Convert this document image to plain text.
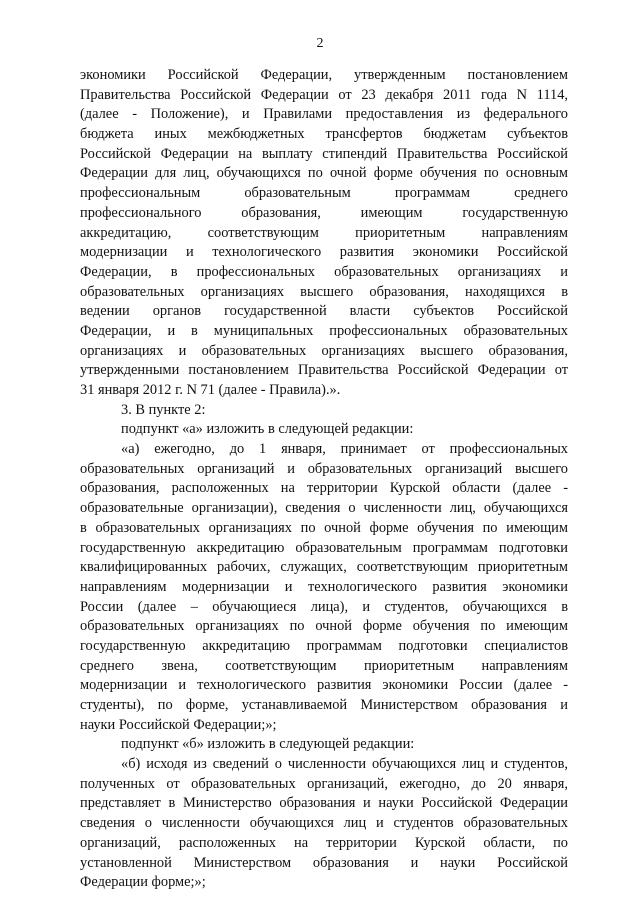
2
экономики Российской Федерации, утвержденным постановлением
Правительства Российской Федерации от 23 декабря 2011 года N 1114,
(далее - Положение), и Правилами предоставления из федерального
бюджета иных межбюджетных трансфертов бюджетам субъектов
Российской Федерации на выплату стипендий Правительства Российской
Федерации для лиц, обучающихся по очной форме обучения по основным
профессиональным образовательным программам среднего
профессионального образования, имеющим государственную
аккредитацию, соответствующим приоритетным направлениям
модернизации и технологического развития экономики Российской
Федерации, в профессиональных образовательных организациях и
образовательных организациях высшего образования, находящихся в
ведении органов государственной власти субъектов Российской
Федерации, и в муниципальных профессиональных образовательных
организациях и образовательных организациях высшего образования,
утвержденными постановлением Правительства Российской Федерации от
31 января 2012 г. N 71 (далее - Правила).».
3. В пункте 2:
подпункт «а» изложить в следующей редакции:
«а) ежегодно, до 1 января, принимает от профессиональных
образовательных организаций и образовательных организаций высшего
образования, расположенных на территории Курской области (далее -
образовательные организации), сведения о численности лиц, обучающихся
в образовательных организациях по очной форме обучения по имеющим
государственную аккредитацию образовательным программам подготовки
квалифицированных рабочих, служащих, соответствующим приоритетным
направлениям модернизации и технологического развития экономики
России (далее – обучающиеся лица), и студентов, обучающихся в
образовательных организациях по очной форме обучения по имеющим
государственную аккредитацию программам подготовки специалистов
среднего звена, соответствующим приоритетным направлениям
модернизации и технологического развития экономики России (далее -
студенты), по форме, устанавливаемой Министерством образования и
науки Российской Федерации;»;
подпункт «б» изложить в следующей редакции:
«б) исходя из сведений о численности обучающихся лиц и студентов,
полученных от образовательных организаций, ежегодно, до 20 января,
представляет в Министерство образования и науки Российской Федерации
сведения о численности обучающихся лиц и студентов образовательных
организаций, расположенных на территории Курской области, по
установленной Министерством образования и науки Российской
Федерации форме;»;
